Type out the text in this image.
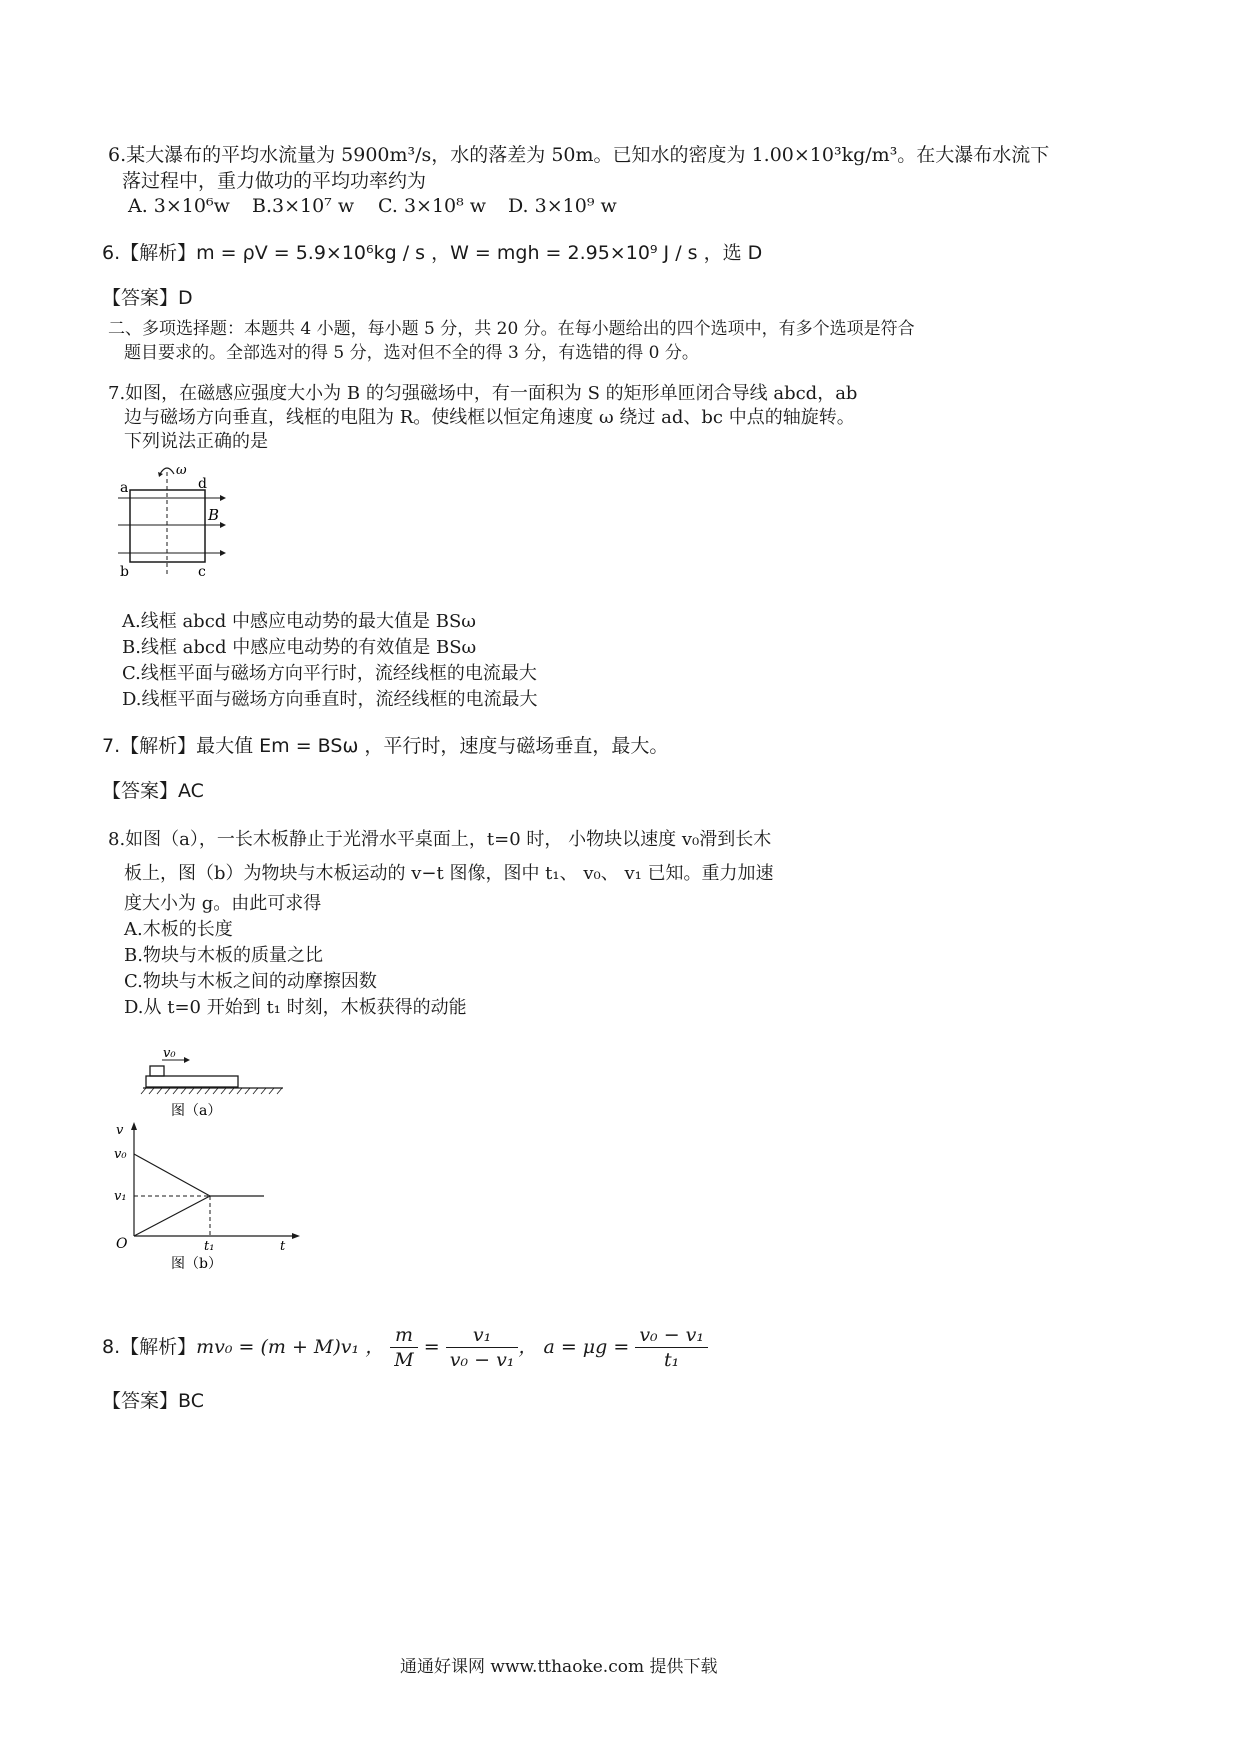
6.某大瀑布的平均水流量为 5900m³/s，水的落差为 50m。已知水的密度为 1.00×10³kg/m³。在大瀑布水流下
落过程中，重力做功的平均功率约为
A. 3×10⁶w B.3×10⁷ w C. 3×10⁸ w D. 3×10⁹ w
6.【解析】m = ρV = 5.9×10⁶kg / s ，W = mgh = 2.95×10⁹ J / s ，选 D
【答案】D
二、多项选择题：本题共 4 小题，每小题 5 分，共 20 分。在每小题给出的四个选项中，有多个选项是符合
题目要求的。全部选对的得 5 分，选对但不全的得 3 分，有选错的得 0 分。
7.如图，在磁感应强度大小为 B 的匀强磁场中，有一面积为 S 的矩形单匝闭合导线 abcd，ab
边与磁场方向垂直，线框的电阻为 R。使线框以恒定角速度 ω 绕过 ad、bc 中点的轴旋转。
下列说法正确的是
a	d
b	c
B
ω
A.线框 abcd 中感应电动势的最大值是 BSω
B.线框 abcd 中感应电动势的有效值是 BSω
C.线框平面与磁场方向平行时，流经线框的电流最大
D.线框平面与磁场方向垂直时，流经线框的电流最大
7.【解析】最大值 Em = BSω ，平行时，速度与磁场垂直，最大。
【答案】AC
8.如图（a），一长木板静止于光滑水平桌面上，t=0 时， 小物块以速度 v₀滑到长木
板上，图（b）为物块与木板运动的 v−t 图像，图中 t₁、 v₀、 v₁ 已知。重力加速
度大小为 g。由此可求得
A.木板的长度
B.物块与木板的质量之比
C.物块与木板之间的动摩擦因数
D.从 t=0 开始到 t₁ 时刻，木板获得的动能
v₀
图（a）
v
v₀
v₁
O	t₁	t
图（b）
8.【解析】mv₀ = (m + M)v₁ ， $\frac{m}{M} = \frac{\text{v₁}}{\text{v₀ − v₁}}$ ， $a = \mu g = \frac{\text{v₀ − v₁}}{\text{t₁}}$
【答案】BC
通通好课网 www.tthaoke.com 提供下载
